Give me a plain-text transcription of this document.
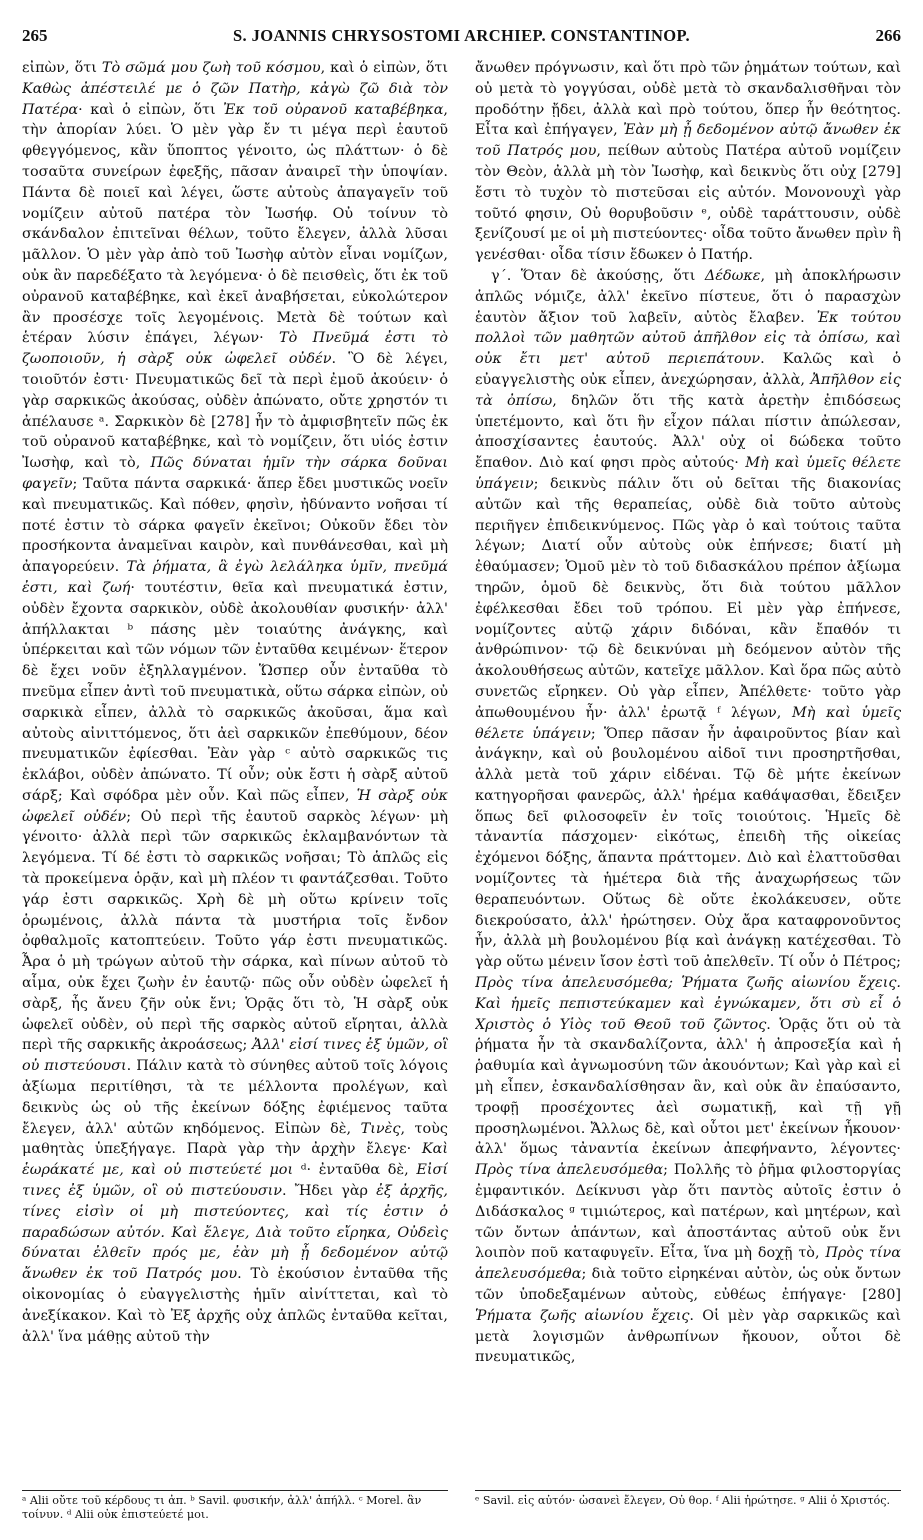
265	S. JOANNIS CHRYSOSTOMI ARCHIEP. CONSTANTINOP.	266

εἰπὼν, ὅτι Τὸ σῶμά μου ζωὴ τοῦ κόσμου, καὶ ὁ εἰπὼν, ὅτι Καθὼς ἀπέστειλέ με ὁ ζῶν Πατὴρ, κἀγὼ ζῶ διὰ τὸν Πατέρα· καὶ ὁ εἰπὼν, ὅτι Ἐκ τοῦ οὐρανοῦ καταβέβηκα, τὴν ἀπορίαν λύει. Ὁ μὲν γὰρ ἔν τι μέγα περὶ ἑαυτοῦ φθεγγόμενος, κἂν ὕποπτος γένοιτο, ὡς πλάττων· ὁ δὲ τοσαῦτα συνείρων ἐφεξῆς, πᾶσαν ἀναιρεῖ τὴν ὑποψίαν. Πάντα δὲ ποιεῖ καὶ λέγει, ὥστε αὐτοὺς ἀπαγαγεῖν τοῦ νομίζειν αὐτοῦ πατέρα τὸν Ἰωσήφ. Οὐ τοίνυν τὸ σκάνδαλον ἐπιτεῖναι θέλων, τοῦτο ἔλεγεν, ἀλλὰ λῦσαι μᾶλλον. Ὁ μὲν γὰρ ἀπὸ τοῦ Ἰωσὴφ αὐτὸν εἶναι νομίζων, οὐκ ἂν παρεδέξατο τὰ λεγόμενα· ὁ δὲ πεισθεὶς, ὅτι ἐκ τοῦ οὐρανοῦ καταβέβηκε, καὶ ἐκεῖ ἀναβήσεται, εὐκολώτερον ἂν προσέσχε τοῖς λεγομένοις. Μετὰ δὲ τούτων καὶ ἑτέραν λύσιν ἐπάγει, λέγων· Τὸ Πνεῦμά ἐστι τὸ ζωοποιοῦν, ἡ σὰρξ οὐκ ὠφελεῖ οὐδέν. Ὃ δὲ λέγει, τοιοῦτόν ἐστι· Πνευματικῶς δεῖ τὰ περὶ ἐμοῦ ἀκούειν· ὁ γὰρ σαρκικῶς ἀκούσας, οὐδὲν ἀπώνατο, οὔτε χρηστόν τι ἀπέλαυσε ᵃ. Σαρκικὸν δὲ [278] ἦν τὸ ἀμφισβητεῖν πῶς ἐκ τοῦ οὐρανοῦ καταβέβηκε, καὶ τὸ νομίζειν, ὅτι υἱός ἐστιν Ἰωσὴφ, καὶ τὸ, Πῶς δύναται ἡμῖν τὴν σάρκα δοῦναι φαγεῖν; Ταῦτα πάντα σαρκικά· ἅπερ ἔδει μυστικῶς νοεῖν καὶ πνευματικῶς. Καὶ πόθεν, φησὶν, ἠδύναντο νοῆσαι τί ποτέ ἐστιν τὸ σάρκα φαγεῖν ἐκεῖνοι; Οὐκοῦν ἔδει τὸν προσήκοντα ἀναμεῖναι καιρὸν, καὶ πυνθάνεσθαι, καὶ μὴ ἀπαγορεύειν. Τὰ ῥήματα, ἃ ἐγὼ λελάληκα ὑμῖν, πνεῦμά ἐστι, καὶ ζωή· τουτέστιν, θεῖα καὶ πνευματικά ἐστιν, οὐδὲν ἔχοντα σαρκικὸν, οὐδὲ ἀκολουθίαν φυσικήν· ἀλλ' ἀπήλλακται ᵇ πάσης μὲν τοιαύτης ἀνάγκης, καὶ ὑπέρκειται καὶ τῶν νόμων τῶν ἐνταῦθα κειμένων· ἕτερον δὲ ἔχει νοῦν ἐξηλλαγμένον. Ὥσπερ οὖν ἐνταῦθα τὸ πνεῦμα εἶπεν ἀντὶ τοῦ πνευματικὰ, οὕτω σάρκα εἰπὼν, οὐ σαρκικὰ εἶπεν, ἀλλὰ τὸ σαρκικῶς ἀκοῦσαι, ἅμα καὶ αὐτοὺς αἰνιττόμενος, ὅτι ἀεὶ σαρκικῶν ἐπεθύμουν, δέον πνευματικῶν ἐφίεσθαι. Ἐὰν γὰρ ᶜ αὐτὸ σαρκικῶς τις ἐκλάβοι, οὐδὲν ἀπώνατο. Τί οὖν; οὐκ ἔστι ἡ σὰρξ αὐτοῦ σάρξ; Καὶ σφόδρα μὲν οὖν. Καὶ πῶς εἶπεν, Ἡ σὰρξ οὐκ ὠφελεῖ οὐδέν; Οὐ περὶ τῆς ἑαυτοῦ σαρκὸς λέγων· μὴ γένοιτο· ἀλλὰ περὶ τῶν σαρκικῶς ἐκλαμβανόντων τὰ λεγόμενα. Τί δέ ἐστι τὸ σαρκικῶς νοῆσαι; Τὸ ἁπλῶς εἰς τὰ προκείμενα ὁρᾷν, καὶ μὴ πλέον τι φαντάζεσθαι. Τοῦτο γάρ ἐστι σαρκικῶς. Χρὴ δὲ μὴ οὕτω κρίνειν τοῖς ὁρωμένοις, ἀλλὰ πάντα τὰ μυστήρια τοῖς ἔνδον ὀφθαλμοῖς κατοπτεύειν. Τοῦτο γάρ ἐστι πνευματικῶς. Ἆρα ὁ μὴ τρώγων αὐτοῦ τὴν σάρκα, καὶ πίνων αὐτοῦ τὸ αἷμα, οὐκ ἔχει ζωὴν ἐν ἑαυτῷ· πῶς οὖν οὐδὲν ὠφελεῖ ἡ σὰρξ, ἧς ἄνευ ζῆν οὐκ ἔνι; Ὁρᾷς ὅτι τὸ, Ἡ σὰρξ οὐκ ὠφελεῖ οὐδὲν, οὐ περὶ τῆς σαρκὸς αὐτοῦ εἴρηται, ἀλλὰ περὶ τῆς σαρκικῆς ἀκροάσεως; Ἀλλ' εἰσί τινες ἐξ ὑμῶν, οἳ οὐ πιστεύουσι. Πάλιν κατὰ τὸ σύνηθες αὐτοῦ τοῖς λόγοις ἀξίωμα περιτίθησι, τὰ τε μέλλοντα προλέγων, καὶ δεικνὺς ὡς οὐ τῆς ἐκείνων δόξης ἐφιέμενος ταῦτα ἔλεγεν, ἀλλ' αὐτῶν κηδόμενος. Εἰπὼν δὲ, Τινὲς, τοὺς μαθητὰς ὑπεξήγαγε. Παρὰ γὰρ τὴν ἀρχὴν ἔλεγε· Καὶ ἑωράκατέ με, καὶ οὐ πιστεύετέ μοι ᵈ· ἐνταῦθα δὲ, Εἰσί τινες ἐξ ὑμῶν, οἳ οὐ πιστεύουσιν. Ἤδει γὰρ ἐξ ἀρχῆς, τίνες εἰσὶν οἱ μὴ πιστεύοντες, καὶ τίς ἐστιν ὁ παραδώσων αὐτόν. Καὶ ἔλεγε, Διὰ τοῦτο εἴρηκα, Οὐδεὶς δύναται ἐλθεῖν πρός με, ἐὰν μὴ ᾖ δεδομένον αὐτῷ ἄνωθεν ἐκ τοῦ Πατρός μου. Τὸ ἑκούσιον ἐνταῦθα τῆς οἰκονομίας ὁ εὐαγγελιστὴς ἡμῖν αἰνίττεται, καὶ τὸ ἀνεξίκακον. Καὶ τὸ Ἐξ ἀρχῆς οὐχ ἁπλῶς ἐνταῦθα κεῖται, ἀλλ' ἵνα μάθῃς αὐτοῦ τὴν

ᵃ Alii οὔτε τοῦ κέρδους τι ἀπ. ᵇ Savil. φυσικήν, ἀλλ' ἀπήλλ. ᶜ Morel. ἂν τοίνυν. ᵈ Alii οὐκ ἐπιστεύετέ μοι.

ἄνωθεν πρόγνωσιν, καὶ ὅτι πρὸ τῶν ῥημάτων τούτων, καὶ οὐ μετὰ τὸ γογγύσαι, οὐδὲ μετὰ τὸ σκανδαλισθῆναι τὸν προδότην ᾔδει, ἀλλὰ καὶ πρὸ τούτου, ὅπερ ἦν θεότητος. Εἶτα καὶ ἐπήγαγεν, Ἐὰν μὴ ᾖ δεδομένον αὐτῷ ἄνωθεν ἐκ τοῦ Πατρός μου, πείθων αὐτοὺς Πατέρα αὐτοῦ νομίζειν τὸν Θεὸν, ἀλλὰ μὴ τὸν Ἰωσὴφ, καὶ δεικνὺς ὅτι οὐχ [279] ἔστι τὸ τυχὸν τὸ πιστεῦσαι εἰς αὐτόν. Μονονουχὶ γὰρ τοῦτό φησιν, Οὐ θορυβοῦσιν ᵉ, οὐδὲ ταράττουσιν, οὐδὲ ξενίζουσί με οἱ μὴ πιστεύοντες· οἶδα τοῦτο ἄνωθεν πρὶν ἢ γενέσθαι· οἶδα τίσιν ἔδωκεν ὁ Πατήρ.

γ΄. Ὅταν δὲ ἀκούσῃς, ὅτι Δέδωκε, μὴ ἀποκλήρωσιν ἁπλῶς νόμιζε, ἀλλ' ἐκεῖνο πίστευε, ὅτι ὁ παρασχὼν ἑαυτὸν ἄξιον τοῦ λαβεῖν, αὐτὸς ἔλαβεν. Ἐκ τούτου πολλοὶ τῶν μαθητῶν αὐτοῦ ἀπῆλθον εἰς τὰ ὀπίσω, καὶ οὐκ ἔτι μετ' αὐτοῦ περιεπάτουν. Καλῶς καὶ ὁ εὐαγγελιστὴς οὐκ εἶπεν, ἀνεχώρησαν, ἀλλὰ, Ἀπῆλθον εἰς τὰ ὀπίσω, δηλῶν ὅτι τῆς κατὰ ἀρετὴν ἐπιδόσεως ὑπετέμοντο, καὶ ὅτι ἣν εἶχον πάλαι πίστιν ἀπώλεσαν, ἀποσχίσαντες ἑαυτούς. Ἀλλ' οὐχ οἱ δώδεκα τοῦτο ἔπαθον. Διὸ καί φησι πρὸς αὐτούς· Μὴ καὶ ὑμεῖς θέλετε ὑπάγειν; δεικνὺς πάλιν ὅτι οὐ δεῖται τῆς διακονίας αὐτῶν καὶ τῆς θεραπείας, οὐδὲ διὰ τοῦτο αὐτοὺς περιῆγεν ἐπιδεικνύμενος. Πῶς γὰρ ὁ καὶ τούτοις ταῦτα λέγων; Διατί οὖν αὐτοὺς οὐκ ἐπήνεσε; διατί μὴ ἐθαύμασεν; Ὁμοῦ μὲν τὸ τοῦ διδασκάλου πρέπον ἀξίωμα τηρῶν, ὁμοῦ δὲ δεικνὺς, ὅτι διὰ τούτου μᾶλλον ἐφέλκεσθαι ἔδει τοῦ τρόπου. Εἰ μὲν γὰρ ἐπήνεσε, νομίζοντες αὐτῷ χάριν διδόναι, κἂν ἔπαθόν τι ἀνθρώπινον· τῷ δὲ δεικνύναι μὴ δεόμενον αὐτὸν τῆς ἀκολουθήσεως αὐτῶν, κατεῖχε μᾶλλον. Καὶ ὅρα πῶς αὐτὸ συνετῶς εἴρηκεν. Οὐ γὰρ εἶπεν, Ἀπέλθετε· τοῦτο γὰρ ἀπωθουμένου ἦν· ἀλλ' ἐρωτᾷ ᶠ λέγων, Μὴ καὶ ὑμεῖς θέλετε ὑπάγειν; Ὅπερ πᾶσαν ἦν ἀφαιροῦντος βίαν καὶ ἀνάγκην, καὶ οὐ βουλομένου αἰδοῖ τινι προσηρτῆσθαι, ἀλλὰ μετὰ τοῦ χάριν εἰδέναι. Τῷ δὲ μήτε ἐκείνων κατηγορῆσαι φανερῶς, ἀλλ' ἠρέμα καθάψασθαι, ἔδειξεν ὅπως δεῖ φιλοσοφεῖν ἐν τοῖς τοιούτοις. Ἡμεῖς δὲ τἀναντία πάσχομεν· εἰκότως, ἐπειδὴ τῆς οἰκείας ἐχόμενοι δόξης, ἅπαντα πράττομεν. Διὸ καὶ ἐλαττοῦσθαι νομίζοντες τὰ ἡμέτερα διὰ τῆς ἀναχωρήσεως τῶν θεραπευόντων. Οὕτως δὲ οὔτε ἐκολάκευσεν, οὔτε διεκρούσατο, ἀλλ' ἠρώτησεν. Οὐχ ἄρα καταφρονοῦντος ἦν, ἀλλὰ μὴ βουλομένου βίᾳ καὶ ἀνάγκῃ κατέχεσθαι. Τὸ γὰρ οὕτω μένειν ἴσον ἐστὶ τοῦ ἀπελθεῖν. Τί οὖν ὁ Πέτρος; Πρὸς τίνα ἀπελευσόμεθα; Ῥήματα ζωῆς αἰωνίου ἔχεις. Καὶ ἡμεῖς πεπιστεύκαμεν καὶ ἐγνώκαμεν, ὅτι σὺ εἶ ὁ Χριστὸς ὁ Υἱὸς τοῦ Θεοῦ τοῦ ζῶντος. Ὁρᾷς ὅτι οὐ τὰ ῥήματα ἦν τὰ σκανδαλίζοντα, ἀλλ' ἡ ἀπροσεξία καὶ ἡ ῥαθυμία καὶ ἀγνωμοσύνη τῶν ἀκουόντων; Καὶ γὰρ καὶ εἰ μὴ εἶπεν, ἐσκανδαλίσθησαν ἂν, καὶ οὐκ ἂν ἐπαύσαντο, τροφῇ προσέχοντες ἀεὶ σωματικῇ, καὶ τῇ γῇ προσηλωμένοι. Ἄλλως δὲ, καὶ οὗτοι μετ' ἐκείνων ἦκουον· ἀλλ' ὅμως τἀναντία ἐκείνων ἀπεφήναντο, λέγοντες· Πρὸς τίνα ἀπελευσόμεθα; Πολλῆς τὸ ῥῆμα φιλοστοργίας ἐμφαντικόν. Δείκνυσι γὰρ ὅτι παντὸς αὐτοῖς ἐστιν ὁ Διδάσκαλος ᵍ τιμιώτερος, καὶ πατέρων, καὶ μητέρων, καὶ τῶν ὄντων ἁπάντων, καὶ ἀποστάντας αὐτοῦ οὐκ ἔνι λοιπὸν ποῦ καταφυγεῖν. Εἶτα, ἵνα μὴ δοχῇ τὸ, Πρὸς τίνα ἀπελευσόμεθα; διὰ τοῦτο εἰρηκέναι αὐτὸν, ὡς οὐκ ὄντων τῶν ὑποδεξαμένων αὐτοὺς, εὐθέως ἐπήγαγε· [280] Ῥήματα ζωῆς αἰωνίου ἔχεις. Οἱ μὲν γὰρ σαρκικῶς καὶ μετὰ λογισμῶν ἀνθρωπίνων ἤκουον, οὗτοι δὲ πνευματικῶς,

ᵉ Savil. εἰς αὐτόν· ὡσανεὶ ἔλεγεν, Οὐ θορ. ᶠ Alii ἠρώτησε. ᵍ Alii ὁ Χριστός.
